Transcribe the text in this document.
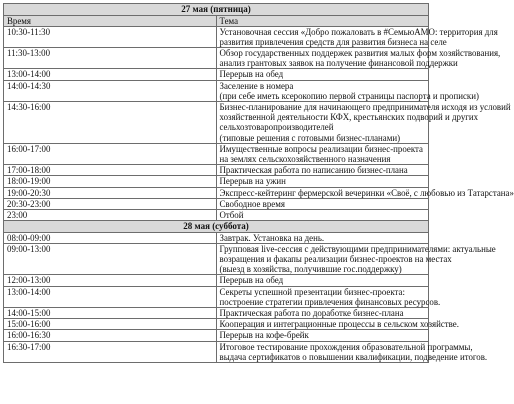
27 мая (пятница)	
Время	Тема
10:30-11:30	Установочная сессия «Добро пожаловать в #СемьюАМО: территория для
развития привлечения средств для развития бизнеса на селе

11:30-13:00	Обзор государственных поддержек развития малых форм хозяйствования,
анализ грантовых заявок на получение финансовой поддержки

13:00-14:00	Перерыв на обед

14:00-14:30	Заселение в номера
(при себе иметь ксерокопию первой страницы паспорта и прописки)

14:30-16:00	Бизнес-планирование для начинающего предпринимателя исходя из условий
хозяйственной деятельности КФХ, крестьянских подворий и других
сельхозтоваропроизводителей
(типовые решения с готовыми бизнес-планами)

16:00-17:00	Имущественные вопросы реализации бизнес-проекта
на землях сельскохозяйственного назначения

17:00-18:00	Практическая работа по написанию бизнес-плана

18:00-19:00	Перерыв на ужин

19:00-20:30	Экспресс-кейтеринг фермерской вечеринки «Своё, с любовью из Татарстана»

20:30-23:00	Свободное время

23:00	Отбой

28 мая (суббота)	
08:00-09:00	Завтрак. Установка на день.

09:00-13:00	Групповая live-сессия с действующими предпринимателями: актуальные
возращения и факапы реализации бизнес-проектов на местах
(выезд в хозяйства, получившие гос.поддержку)

12:00-13:00	Перерыв на обед

13:00-14:00	Секреты успешной презентации бизнес-проекта:
построение стратегии привлечения финансовых ресурсов.

14:00-15:00	Практическая работа по доработке бизнес-плана

15:00-16:00	Кооперация и интеграционные процессы в сельском хозяйстве.

16:00-16:30	Перерыв на кофе-брейк

16:30-17:00	Итоговое тестирование прохождения образовательной программы,
выдача сертификатов о повышении квалификации, подведение итогов.
